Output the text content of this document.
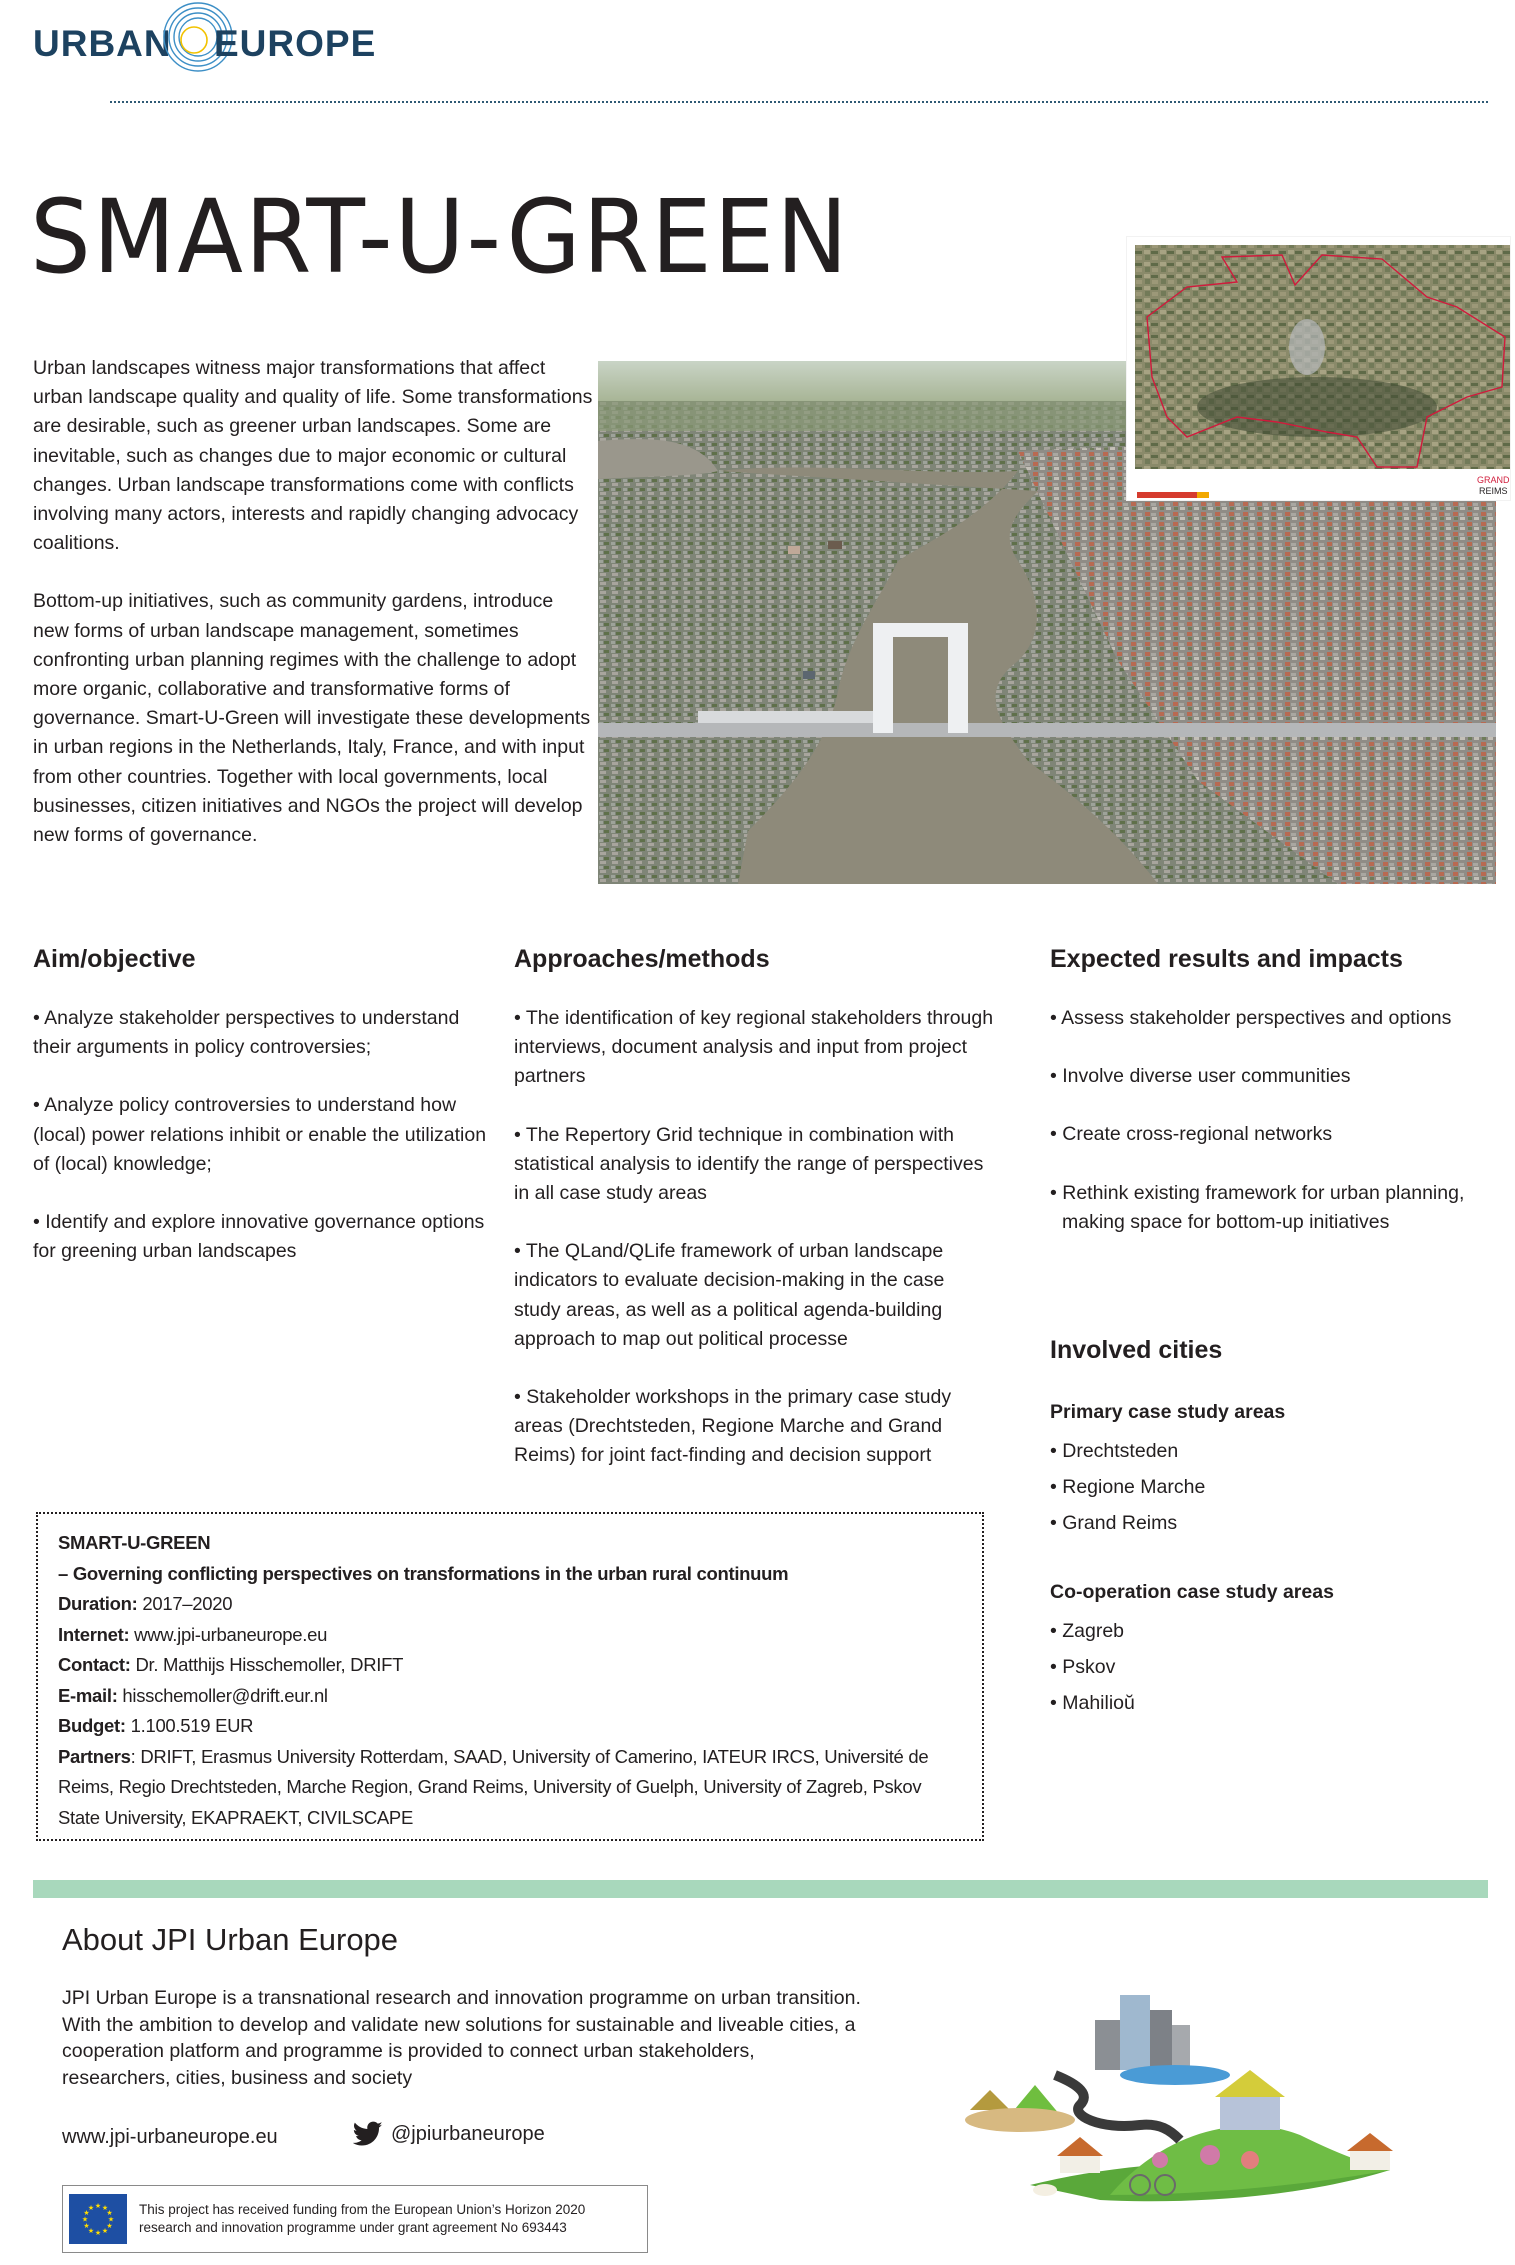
URBAN EUROPE
SMART-U-GREEN

Urban landscapes witness major transformations that affect urban landscape quality and quality of life. Some transformations are desirable, such as greener urban landscapes. Some are inevitable, such as changes due to major economic or cultural changes. Urban landscape transformations come with conflicts involving many actors, interests and rapidly changing advocacy coalitions.

Bottom-up initiatives, such as community gardens, introduce new forms of urban landscape management, sometimes confronting urban planning regimes with the challenge to adopt more organic, collaborative and transformative forms of governance. Smart-U-Green will investigate these developments in urban regions in the Netherlands, Italy, France, and with input from other countries. Together with local governments, local businesses, citizen initiatives and NGOs the project will develop new forms of governance.

GRAND
REIMS
Aim/objective
• Analyze stakeholder perspectives to understand their arguments in policy controversies;
• Analyze policy controversies to understand how (local) power relations inhibit or enable the utilization of (local) knowledge;
• Identify and explore innovative governance options for greening urban landscapes
Approaches/methods
• The identification of key regional stakeholders through interviews, document analysis and input from project partners
• The Repertory Grid technique in combination with statistical analysis to identify the range of perspectives in all case study areas
• The QLand/QLife framework of urban landscape indicators to evaluate decision-making in the case study areas, as well as a political agenda-building approach to map out political processe
• Stakeholder workshops in the primary case study areas (Drechtsteden, Regione Marche and Grand Reims) for joint fact-finding and decision support
Expected results and impacts
• Assess stakeholder perspectives and options
• Involve diverse user communities
• Create cross-regional networks
• Rethink existing framework for urban planning, making space for bottom-up initiatives
Involved cities
Primary case study areas
• Drechtsteden
• Regione Marche
• Grand Reims
Co-operation case study areas
• Zagreb
• Pskov
• Mahilioŭ
SMART-U-GREEN
– Governing conflicting perspectives on transformations in the urban rural continuum
Duration: 2017–2020
Internet: www.jpi-urbaneurope.eu
Contact: Dr. Matthijs Hisschemoller, DRIFT
E-mail: hisschemoller@drift.eur.nl
Budget: 1.100.519 EUR
Partners: DRIFT, Erasmus University Rotterdam, SAAD, University of Camerino, IATEUR IRCS, Université de Reims, Regio Drechtsteden, Marche Region, Grand Reims, University of Guelph, University of Zagreb, Pskov State University, EKAPRAEKT, CIVILSCAPE
About JPI Urban Europe

JPI Urban Europe is a transnational research and innovation programme on urban transition. With the ambition to develop and validate new solutions for sustainable and liveable cities, a cooperation platform and programme is provided to connect urban stakeholders, researchers, cities, business and society

www.jpi-urbaneurope.eu	@jpiurbaneurope
★ ★
★
★
★
★
★
★
★
★
★
★	This project has received funding from the European Union’s Horizon 2020
research and innovation programme under grant agreement No 693443
